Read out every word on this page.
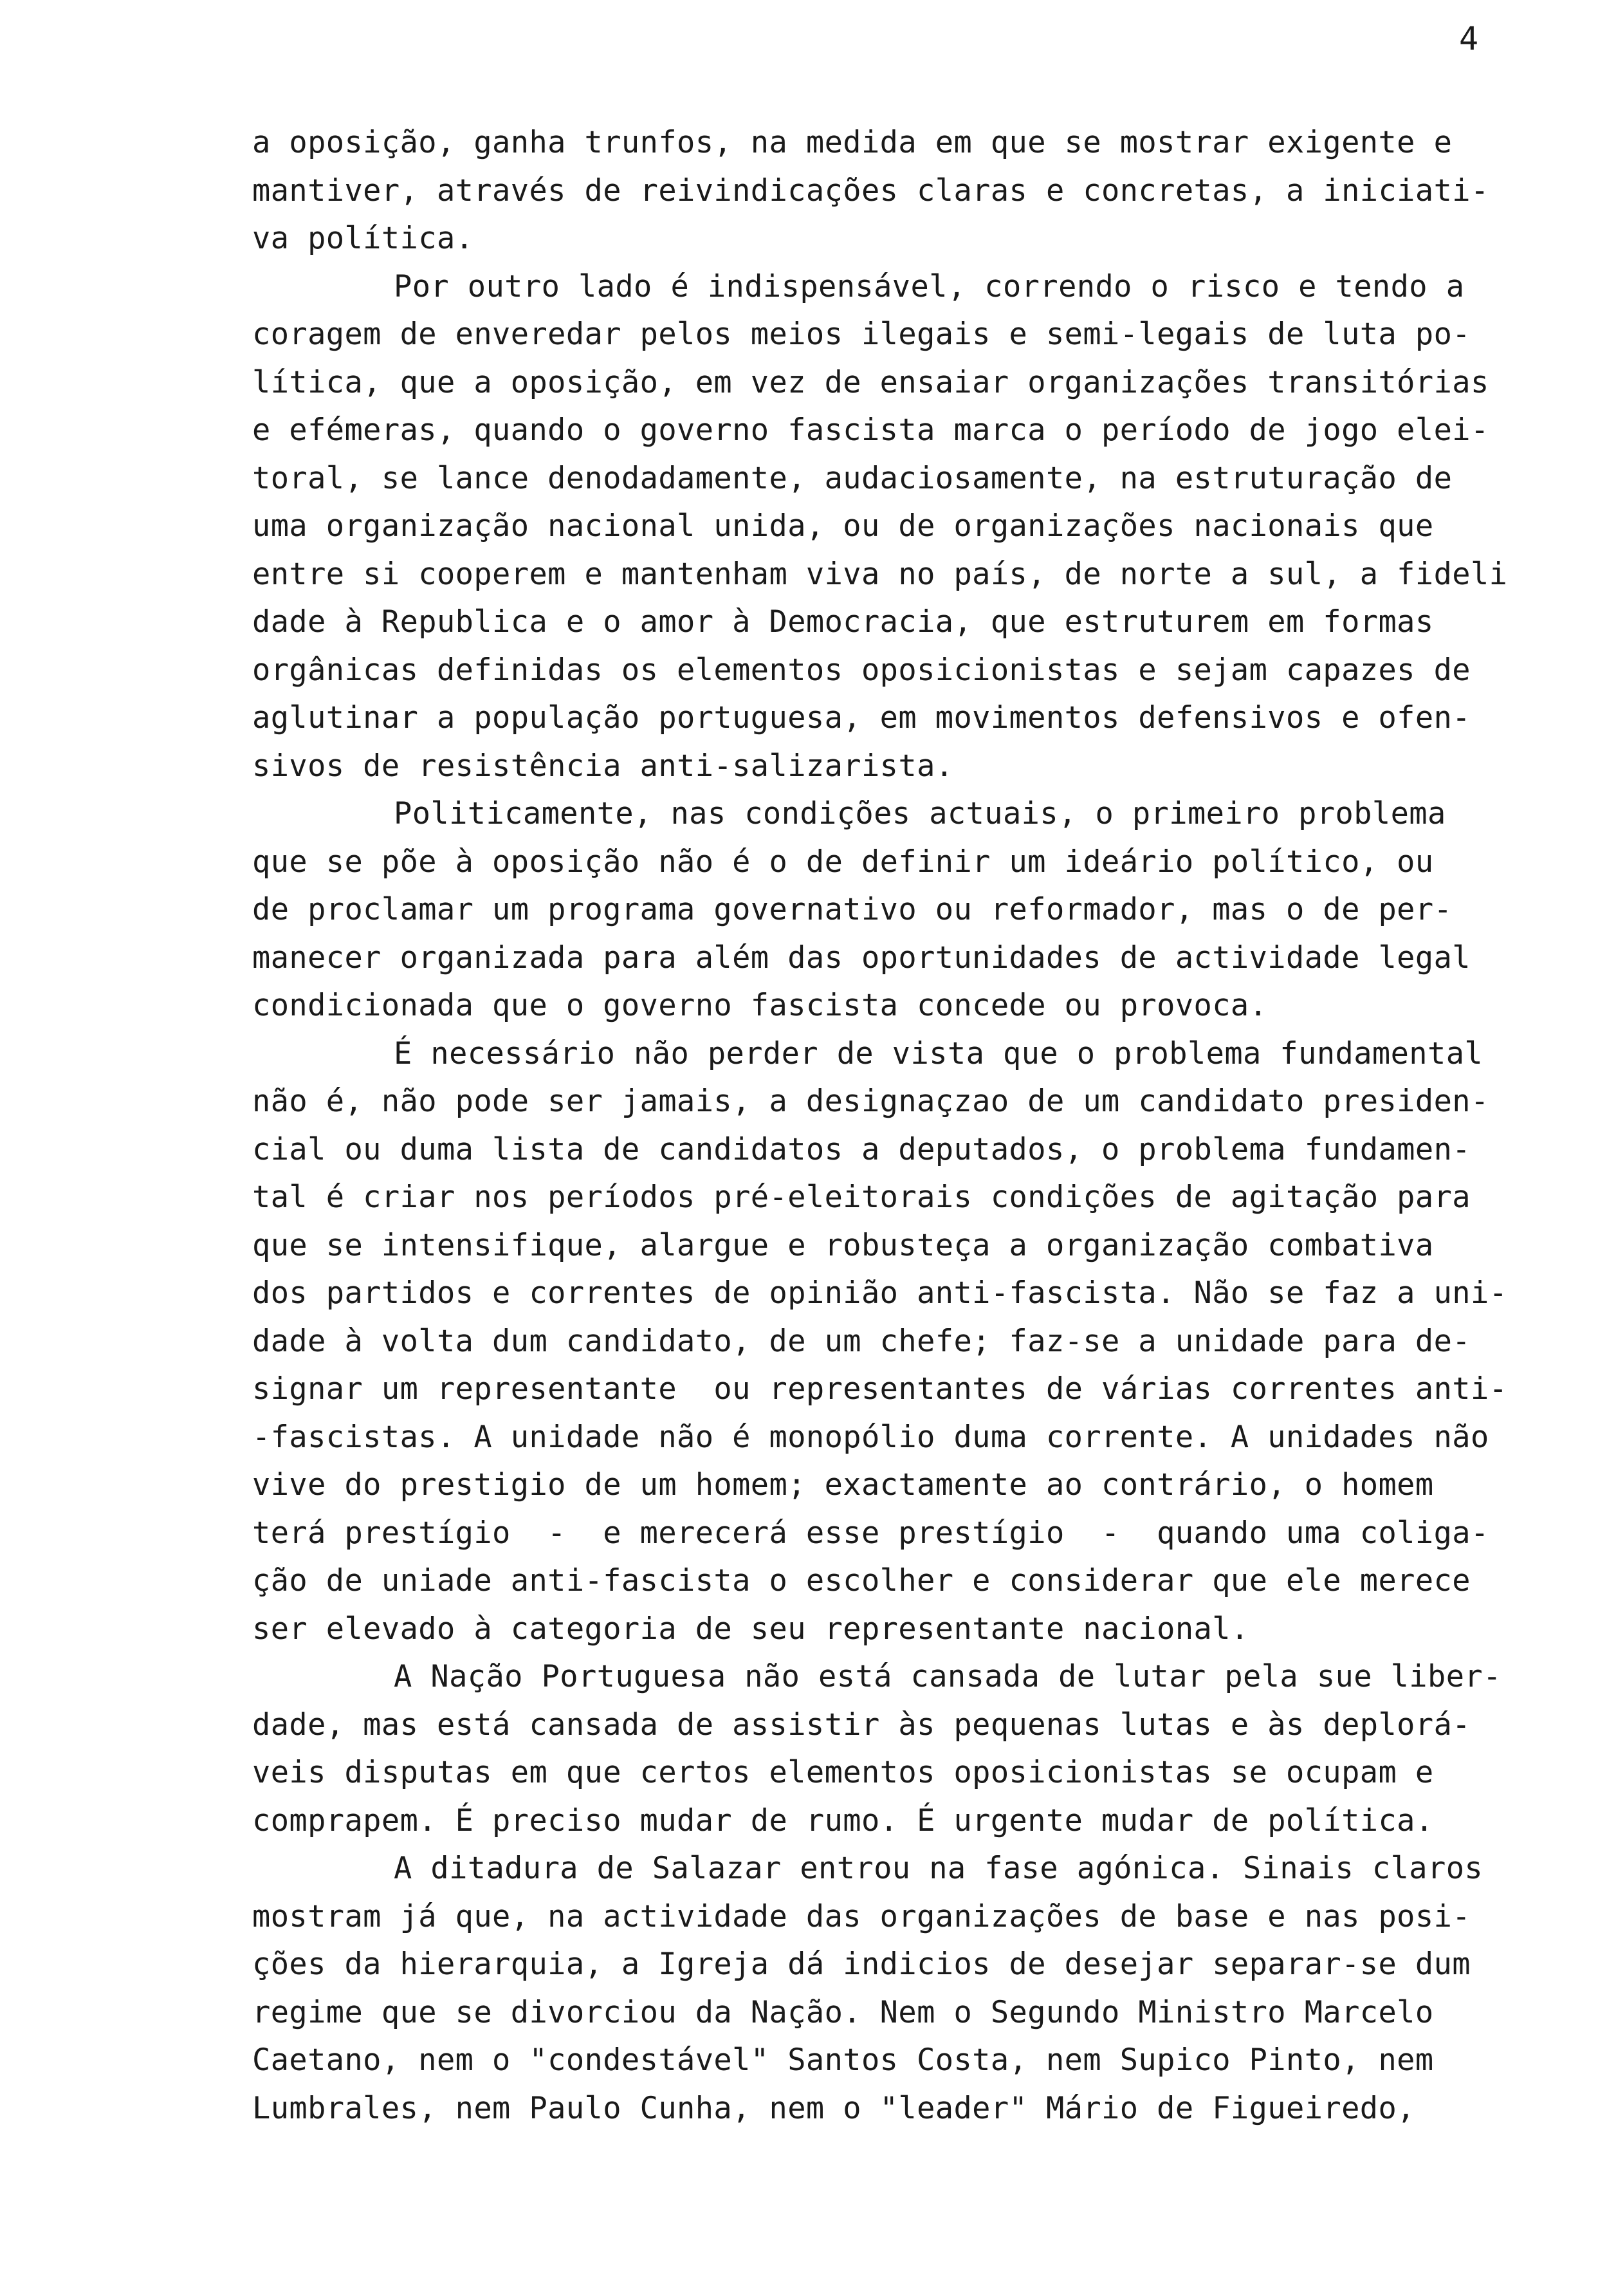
4
a oposição, ganha trunfos, na medida em que se mostrar exigente e
mantiver, através de reivindicações claras e concretas, a iniciati-
va política.
Por outro lado é indispensável, correndo o risco e tendo a
coragem de enveredar pelos meios ilegais e semi-legais de luta po-
lítica, que a oposição, em vez de ensaiar organizações transitórias
e efémeras, quando o governo fascista marca o período de jogo elei-
toral, se lance denodadamente, audaciosamente, na estruturação de
uma organização nacional unida, ou de organizações nacionais que
entre si cooperem e mantenham viva no país, de norte a sul, a fideli
dade à Republica e o amor à Democracia, que estruturem em formas
orgânicas definidas os elementos oposicionistas e sejam capazes de
aglutinar a população portuguesa, em movimentos defensivos e ofen-
sivos de resistência anti-salizarista.
Politicamente, nas condições actuais, o primeiro problema
que se põe à oposição não é o de definir um ideário político, ou
de proclamar um programa governativo ou reformador, mas o de per-
manecer organizada para além das oportunidades de actividade legal
condicionada que o governo fascista concede ou provoca.
É necessário não perder de vista que o problema fundamental
não é, não pode ser jamais, a designaçzao de um candidato presiden-
cial ou duma lista de candidatos a deputados, o problema fundamen-
tal é criar nos períodos pré-eleitorais condições de agitação para
que se intensifique, alargue e robusteça a organização combativa
dos partidos e correntes de opinião anti-fascista. Não se faz a uni-
dade à volta dum candidato, de um chefe; faz-se a unidade para de-
signar um representante  ou representantes de várias correntes anti-
-fascistas. A unidade não é monopólio duma corrente. A unidades não
vive do prestigio de um homem; exactamente ao contrário, o homem
terá prestígio  -  e merecerá esse prestígio  -  quando uma coliga-
ção de uniade anti-fascista o escolher e considerar que ele merece
ser elevado à categoria de seu representante nacional.
A Nação Portuguesa não está cansada de lutar pela sue liber-
dade, mas está cansada de assistir às pequenas lutas e às deplorá-
veis disputas em que certos elementos oposicionistas se ocupam e
comprapem. É preciso mudar de rumo. É urgente mudar de política.
A ditadura de Salazar entrou na fase agónica. Sinais claros
mostram já que, na actividade das organizações de base e nas posi-
ções da hierarquia, a Igreja dá indicios de desejar separar-se dum
regime que se divorciou da Nação. Nem o Segundo Ministro Marcelo
Caetano, nem o "condestável" Santos Costa, nem Supico Pinto, nem
Lumbrales, nem Paulo Cunha, nem o "leader" Mário de Figueiredo,
